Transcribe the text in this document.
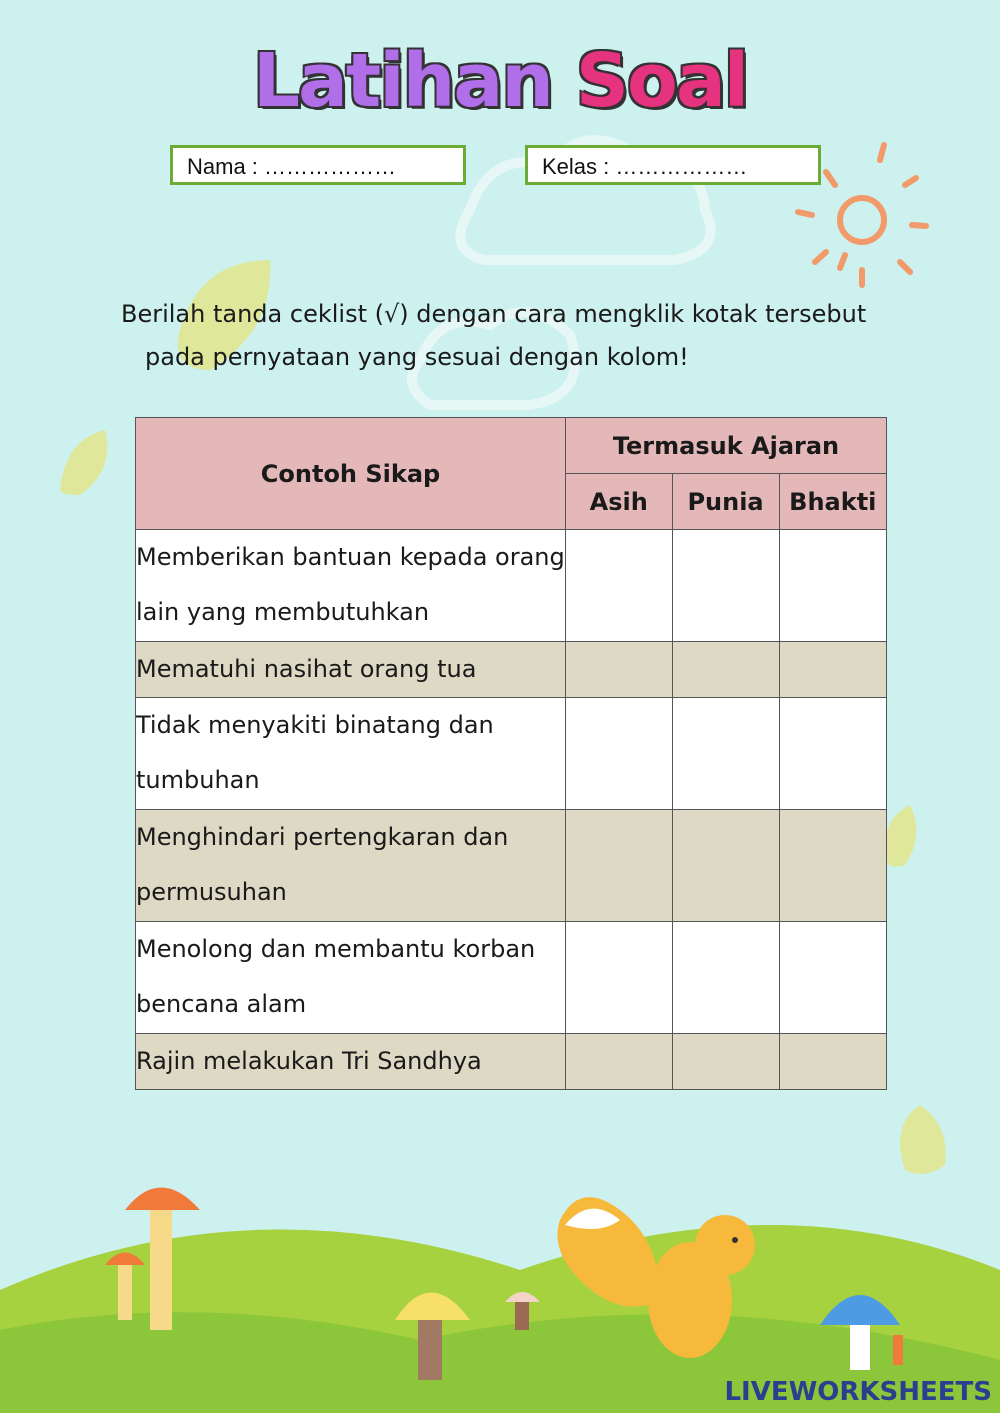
Latihan Soal
Nama : ………………	Kelas : ………………

Berilah tanda ceklist (√) dengan cara mengklik kotak tersebut

pada pernyataan yang sesuai dengan kolom!

Contoh Sikap	Termasuk Ajaran		
	Asih	Punia	Bhakti
Memberikan bantuan kepada orang lain yang membutuhkan			
Mematuhi nasihat orang tua			
Tidak menyakiti binatang dan tumbuhan			
Menghindari pertengkaran dan permusuhan			
Menolong dan membantu korban bencana alam			
Rajin melakukan Tri Sandhya			
LIVEWORKSHEETS
